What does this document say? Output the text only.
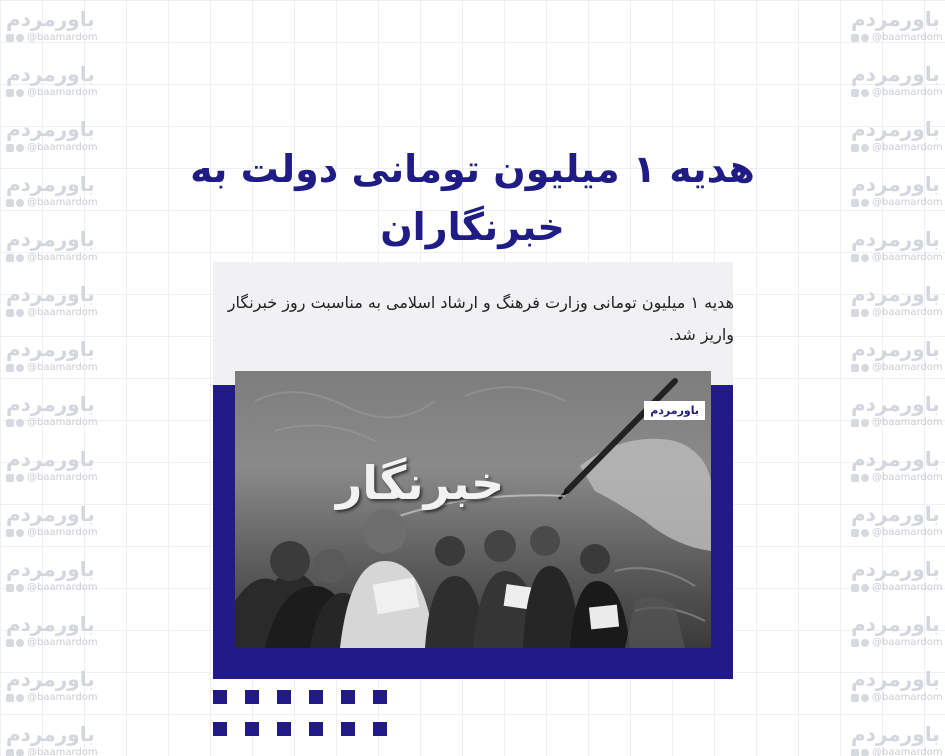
باورمردم
@baamardom
باورمردم
@baamardom
باورمردم
@baamardom
باورمردم
@baamardom
باورمردم
@baamardom
باورمردم
@baamardom
باورمردم
@baamardom
باورمردم
@baamardom
باورمردم
@baamardom
باورمردم
@baamardom
باورمردم
@baamardom
باورمردم
@baamardom
باورمردم
@baamardom
باورمردم
@baamardom
باورمردم
@baamardom
باورمردم
@baamardom
باورمردم
@baamardom
باورمردم
@baamardom
باورمردم
@baamardom
باورمردم
@baamardom
باورمردم
@baamardom
باورمردم
@baamardom
باورمردم
@baamardom
باورمردم
@baamardom
باورمردم
@baamardom
باورمردم
@baamardom
باورمردم
@baamardom
باورمردم
@baamardom
هدیه ۱ میلیون تومانی دولت به خبرنگاران

هدیه ۱ میلیون تومانی وزارت فرهنگ و ارشاد اسلامی به مناسبت روز خبرنگار واریز شد.

خبرنگار
باورمردم
